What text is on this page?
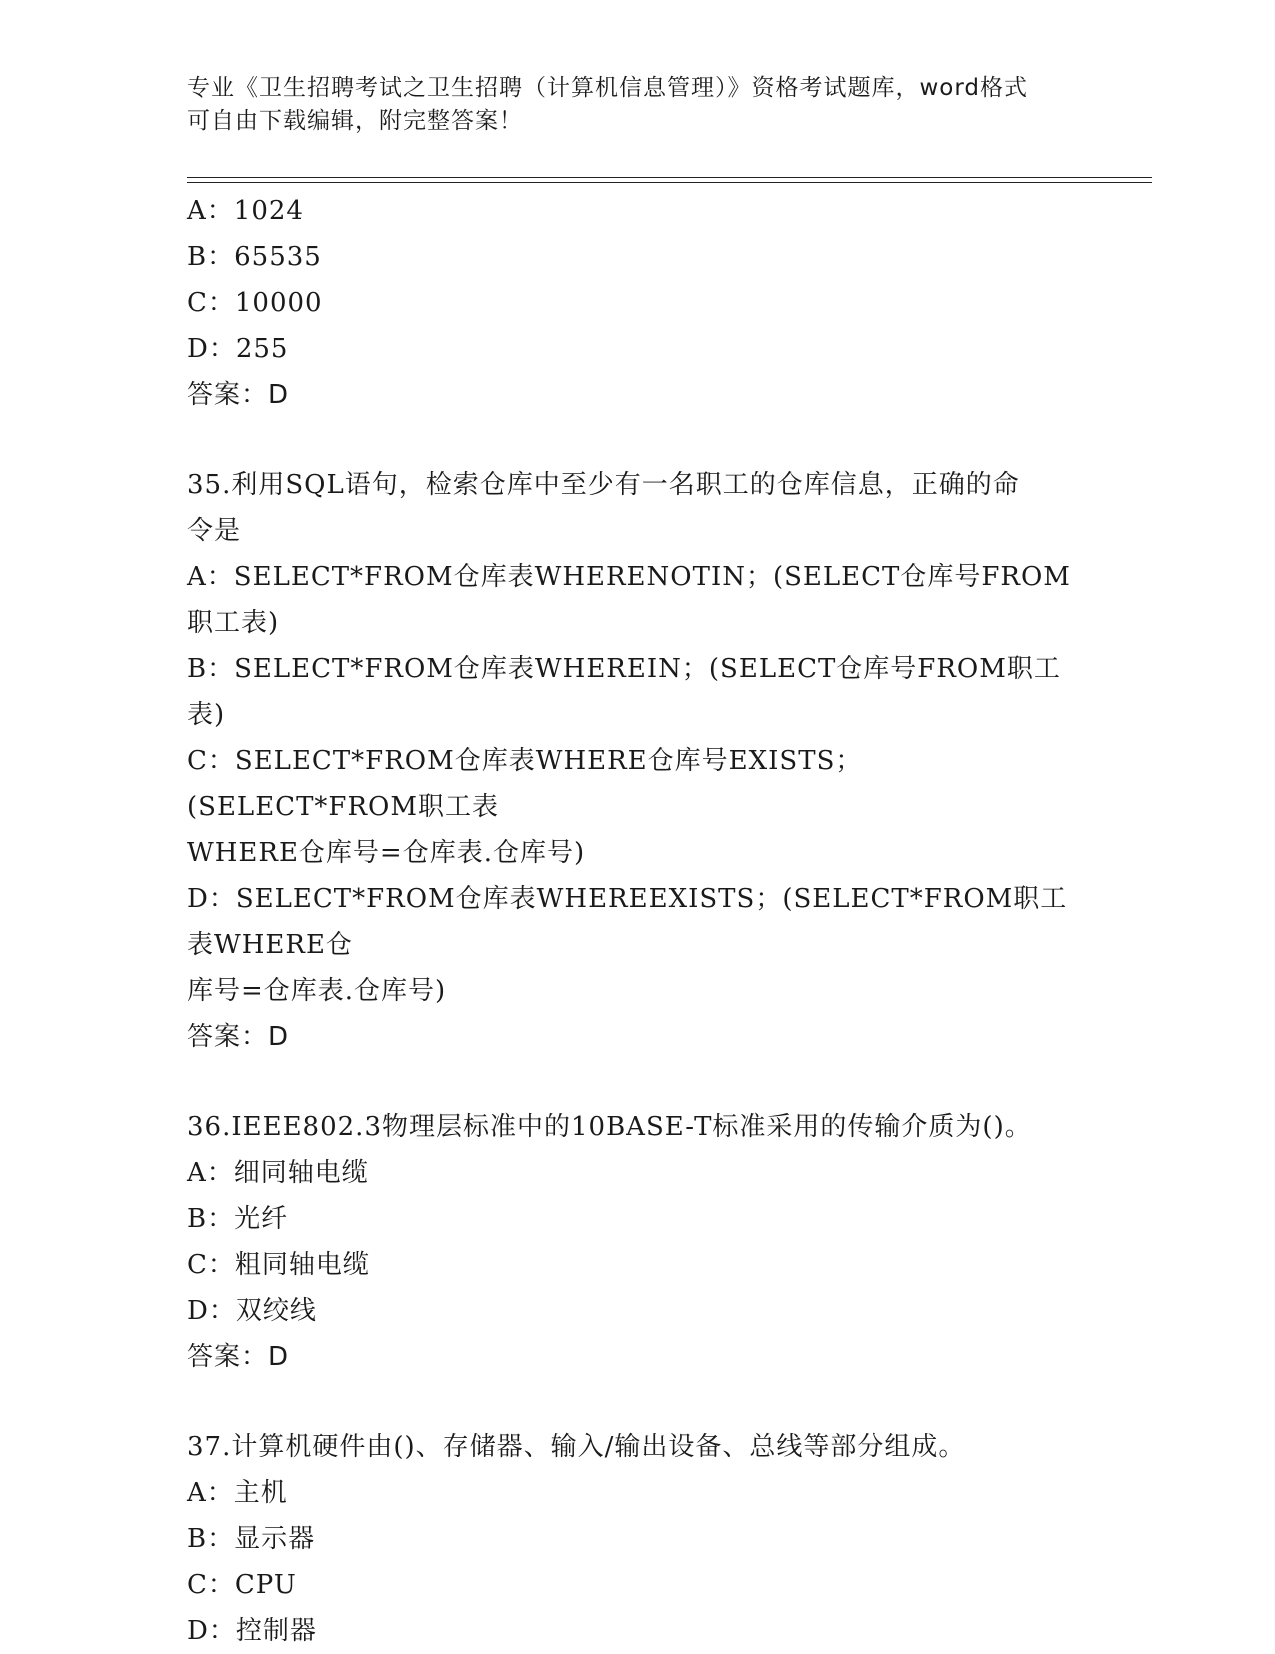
专业《卫生招聘考试之卫生招聘（计算机信息管理）》资格考试题库，word格式
可自由下载编辑，附完整答案！
A：1024
B：65535
C：10000
D：255
答案：D
35.利用SQL语句，检索仓库中至少有一名职工的仓库信息，正确的命
令是
A：SELECT*FROM仓库表WHERENOTIN；(SELECT仓库号FROM职工表)
B：SELECT*FROM仓库表WHEREIN；(SELECT仓库号FROM职工表)
C：SELECT*FROM仓库表WHERE仓库号EXISTS；(SELECT*FROM职工表
WHERE仓库号=仓库表.仓库号)
D：SELECT*FROM仓库表WHEREEXISTS；(SELECT*FROM职工表WHERE仓
库号=仓库表.仓库号)
答案：D
36.IEEE802.3物理层标准中的10BASE-T标准采用的传输介质为()。
A：细同轴电缆
B：光纤
C：粗同轴电缆
D：双绞线
答案：D
37.计算机硬件由()、存储器、输入/输出设备、总线等部分组成。
A：主机
B：显示器
C：CPU
D：控制器
